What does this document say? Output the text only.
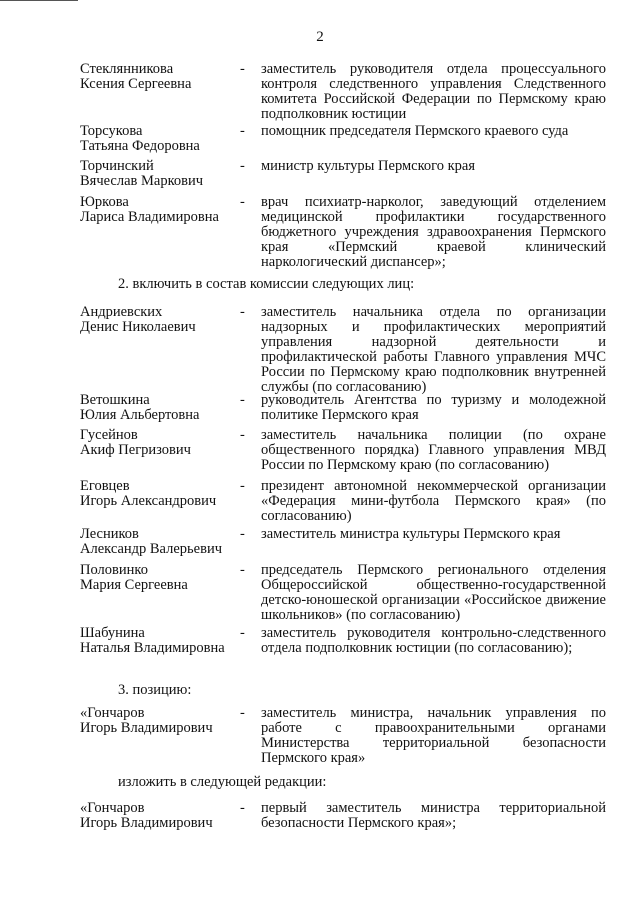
2
Стеклянникова
Ксения Сергеевна
- заместитель руководителя отдела процессуального контроля следственного управления Следственного комитета Российской Федерации по Пермскому краю подполковник юстиции
Торсукова
Татьяна Федоровна
- помощник председателя Пермского краевого суда
Торчинский
Вячеслав Маркович
- министр культуры Пермского края
Юркова
Лариса Владимировна
- врач психиатр-нарколог, заведующий отделением медицинской профилактики государственного бюджетного учреждения здравоохранения Пермского края «Пермский краевой клинический наркологический диспансер»;
2. включить в состав комиссии следующих лиц:
Андриевских
Денис Николаевич
- заместитель начальника отдела по организации надзорных и профилактических мероприятий управления надзорной деятельности и профилактической работы Главного управления МЧС России по Пермскому краю подполковник внутренней службы (по согласованию)
Ветошкина
Юлия Альбертовна
- руководитель Агентства по туризму и молодежной политике Пермского края
Гусейнов
Акиф Пегризович
- заместитель начальника полиции (по охране общественного порядка) Главного управления МВД России по Пермскому краю (по согласованию)
Еговцев
Игорь Александрович
- президент автономной некоммерческой организации «Федерация мини-футбола Пермского края» (по согласованию)
Лесников
Александр Валерьевич
- заместитель министра культуры Пермского края
Половинко
Мария Сергеевна
- председатель Пермского регионального отделения Общероссийской общественно-государственной детско-юношеской организации «Российское движение школьников» (по согласованию)
Шабунина
Наталья Владимировна
- заместитель руководителя контрольно-следственного отдела подполковник юстиции (по согласованию);
3. позицию:
«Гончаров
Игорь Владимирович
- заместитель министра, начальник управления по работе с правоохранительными органами Министерства территориальной безопасности Пермского края»
изложить в следующей редакции:
«Гончаров
Игорь Владимирович
- первый заместитель министра территориальной безопасности Пермского края»;
